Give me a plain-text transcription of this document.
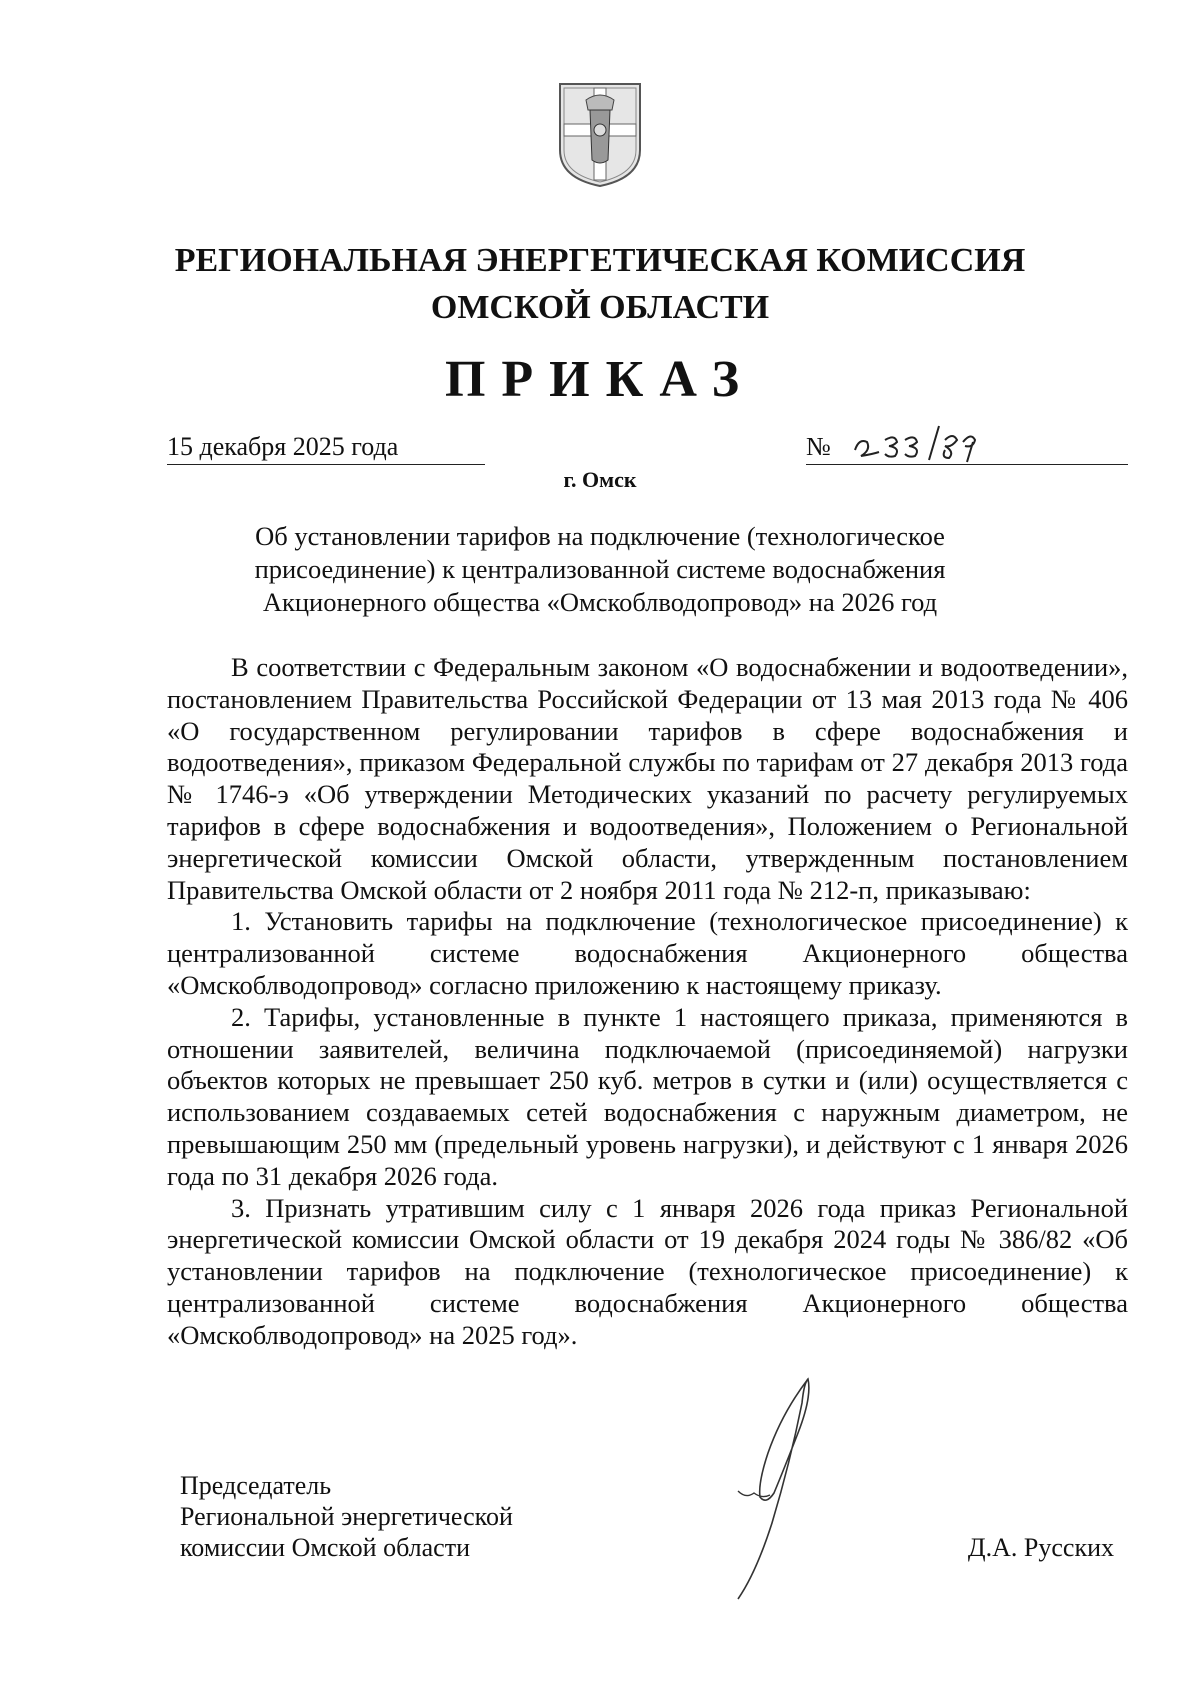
РЕГИОНАЛЬНАЯ ЭНЕРГЕТИЧЕСКАЯ КОМИССИЯ
ОМСКОЙ ОБЛАСТИ
ПРИКАЗ
15 декабря 2025 года	№
г. Омск
Об установлении тарифов на подключение (технологическое
присоединение) к централизованной системе водоснабжения
Акционерного общества «Омскоблводопровод» на 2026 год

В соответствии с Федеральным законом «О водоснабжении и водоотведении», постановлением Правительства Российской Федерации от 13 мая 2013 года № 406 «О государственном регулировании тарифов в сфере водоснабжения и водоотведения», приказом Федеральной службы по тарифам от 27 декабря 2013 года № 1746-э «Об утверждении Методических указаний по расчету регулируемых тарифов в сфере водоснабжения и водоотведения», Положением о Региональной энергетической комиссии Омской области, утвержденным постановлением Правительства Омской области от 2 ноября 2011 года № 212-п, приказываю:

1. Установить тарифы на подключение (технологическое присоединение) к централизованной системе водоснабжения Акционерного общества «Омскоблводопровод» согласно приложению к настоящему приказу.

2. Тарифы, установленные в пункте 1 настоящего приказа, применяются в отношении заявителей, величина подключаемой (присоединяемой) нагрузки объектов которых не превышает 250 куб. метров в сутки и (или) осуществляется с использованием создаваемых сетей водоснабжения с наружным диаметром, не превышающим 250 мм (предельный уровень нагрузки), и действуют с 1 января 2026 года по 31 декабря 2026 года.

3. Признать утратившим силу с 1 января 2026 года приказ Региональной энергетической комиссии Омской области от 19 декабря 2024 годы № 386/82 «Об установлении тарифов на подключение (технологическое присоединение) к централизованной системе водоснабжения Акционерного общества «Омскоблводопровод» на 2025 год».

Председатель
Региональной энергетической
комиссии Омской области	Д.А. Русских
